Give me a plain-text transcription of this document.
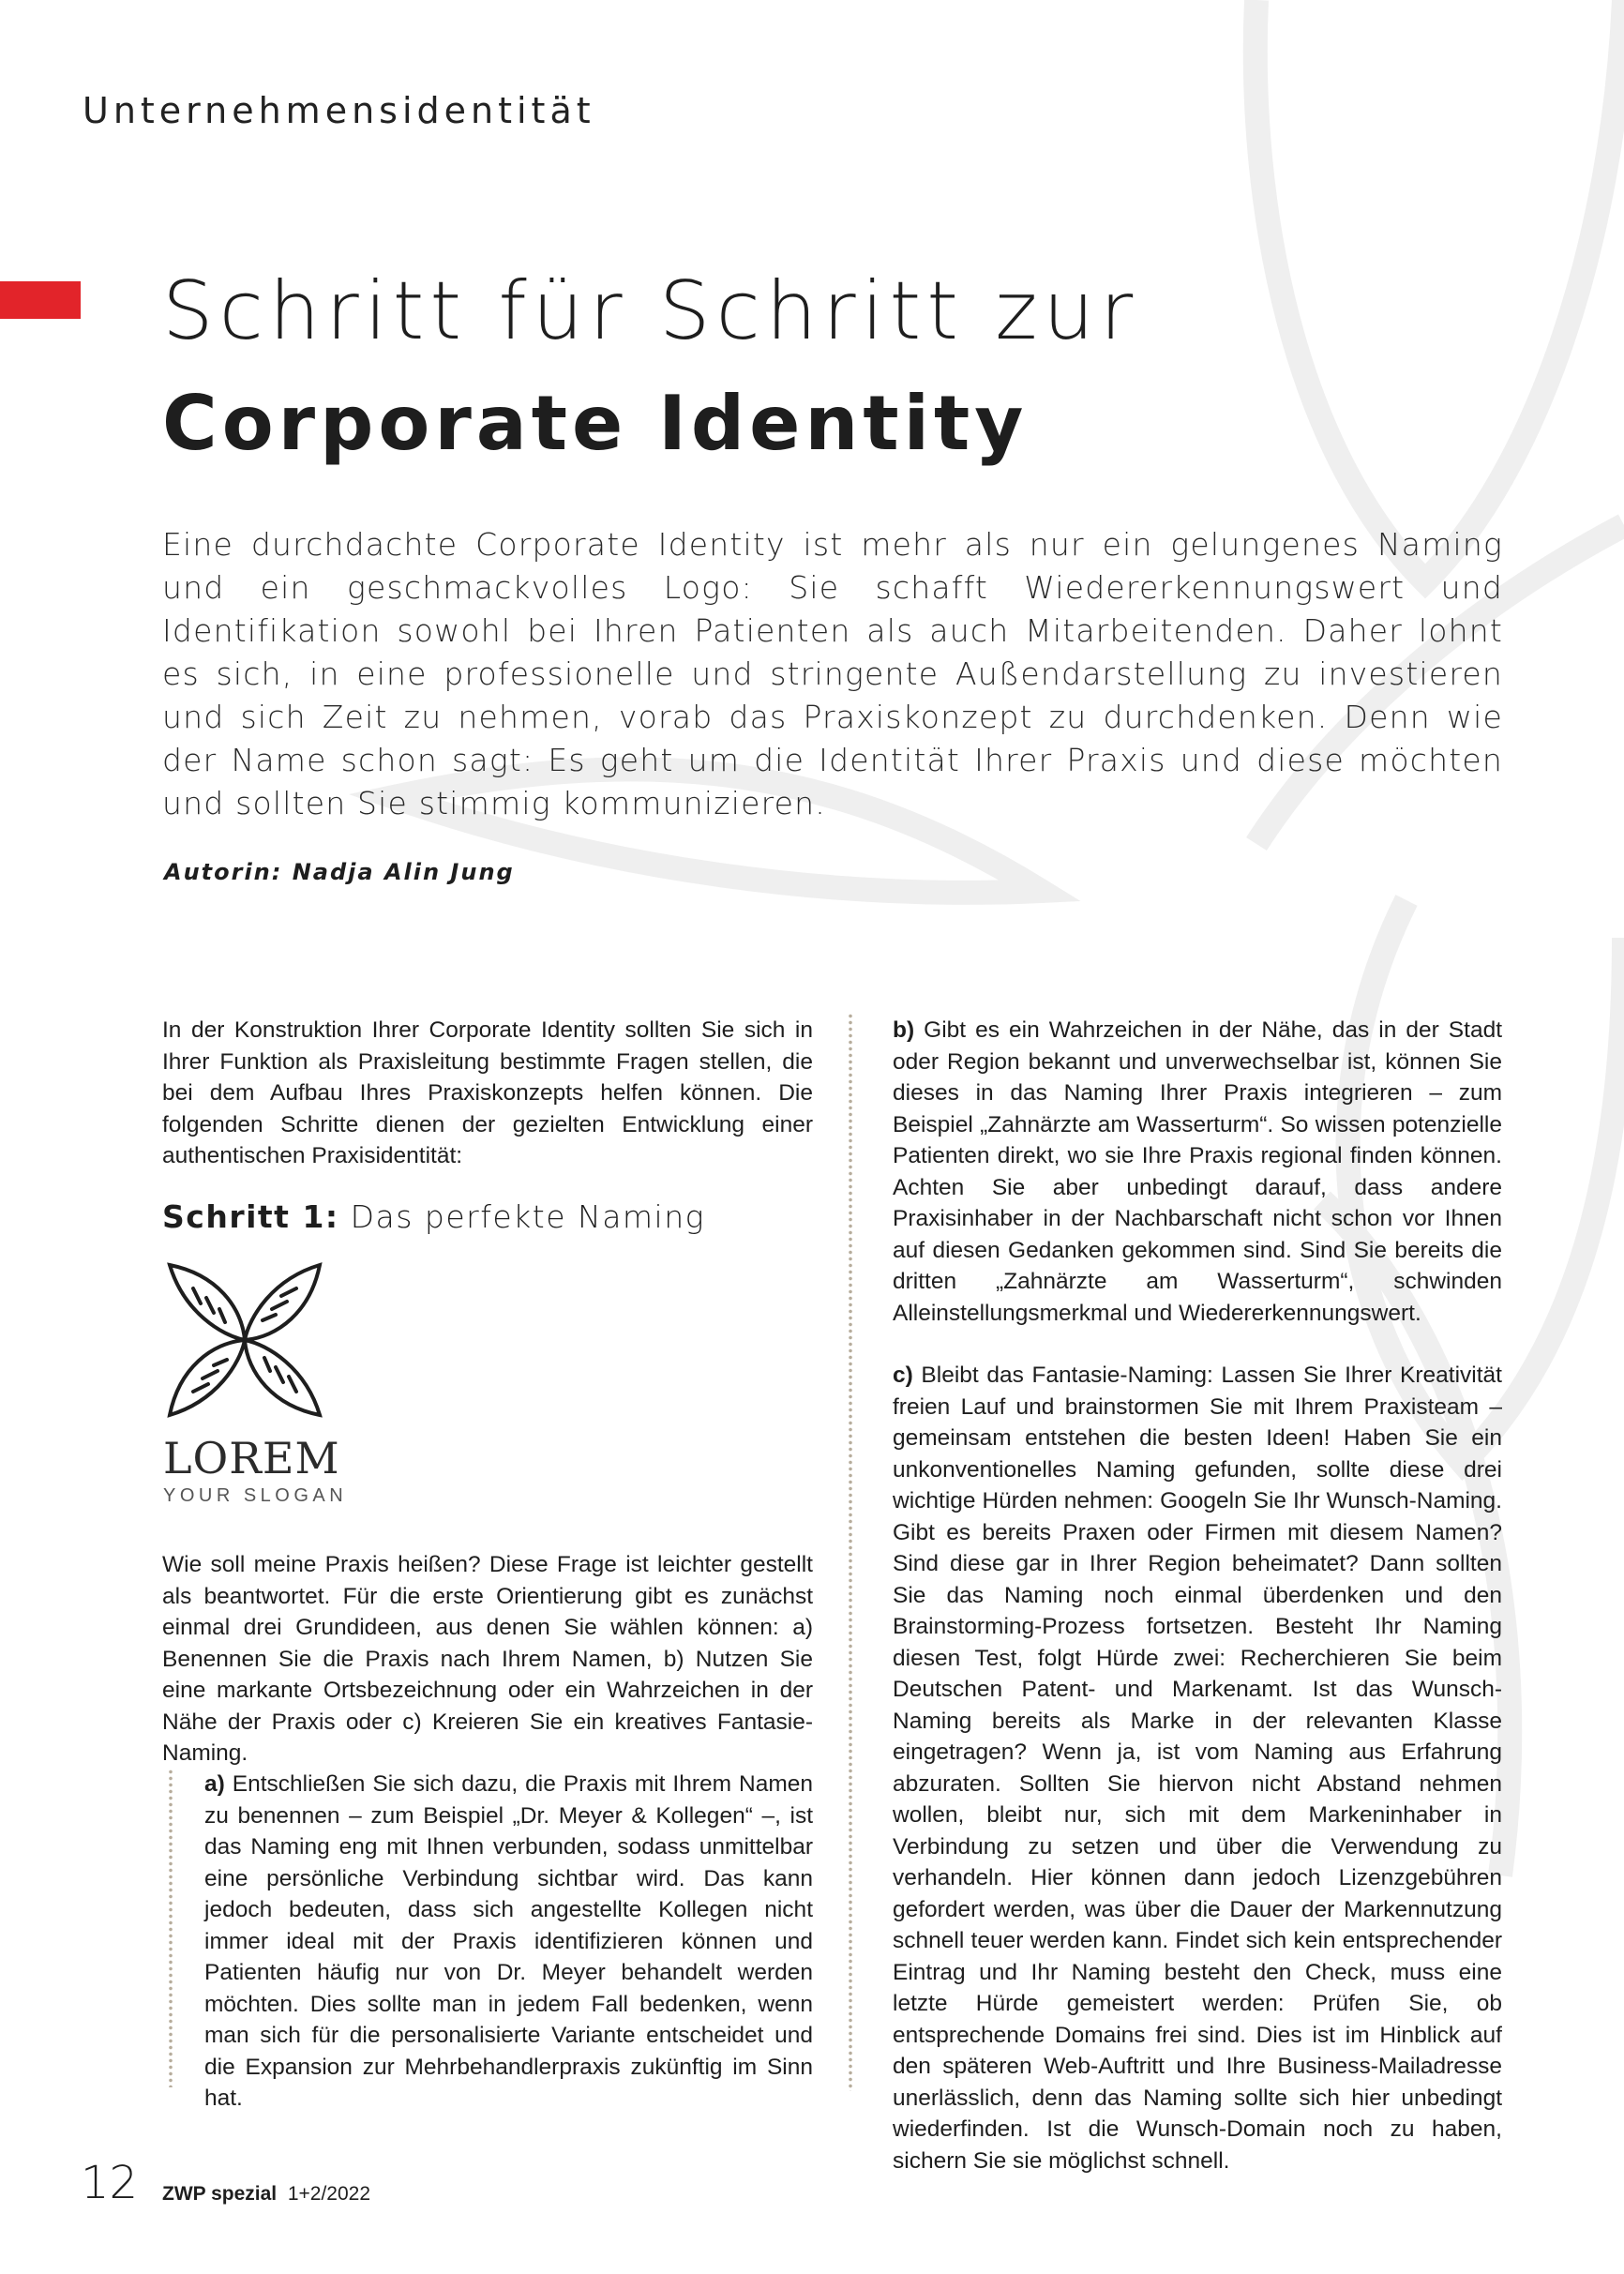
Unternehmensidentität
Schritt für Schritt zur
Corporate Identity

Eine durchdachte Corporate Identity ist mehr als nur ein gelungenes Naming und ein geschmackvolles Logo: Sie schafft Wiedererkennungswert und Identifikation sowohl bei Ihren Patienten als auch Mitarbeitenden. Daher lohnt es sich, in eine professionelle und stringente Außendarstellung zu investieren und sich Zeit zu nehmen, vorab das Praxiskonzept zu durchdenken. Denn wie der Name schon sagt: Es geht um die Identität Ihrer Praxis und diese möchten und sollten Sie stimmig kommunizieren.

Autorin: Nadja Alin Jung

In der Konstruktion Ihrer Corporate Identity sollten Sie sich in Ihrer Funktion als Praxisleitung bestimmte Fragen stellen, die bei dem Aufbau Ihres Praxiskonzepts helfen können. Die folgenden Schritte dienen der gezielten Entwicklung einer authentischen Praxisidentität:

Schritt 1: Das perfekte Naming
LOREM
YOUR SLOGAN

Wie soll meine Praxis heißen? Diese Frage ist leichter gestellt als beantwortet. Für die erste Orientierung gibt es zunächst einmal drei Grundideen, aus denen Sie wählen können: a) Benennen Sie die Praxis nach Ihrem Namen, b) Nutzen Sie eine markante Ortsbezeichnung oder ein Wahrzeichen in der Nähe der Praxis oder c) Kreieren Sie ein kreatives Fantasie-Naming.

a) Entschließen Sie sich dazu, die Praxis mit Ihrem Namen zu benennen – zum Beispiel „Dr. Meyer & Kollegen“ –, ist das Naming eng mit Ihnen verbunden, sodass unmittelbar eine persönliche Verbindung sichtbar wird. Das kann jedoch bedeuten, dass sich angestellte Kollegen nicht immer ideal mit der Praxis identifizieren können und Patienten häufig nur von Dr. Meyer behandelt werden möchten. Dies sollte man in jedem Fall bedenken, wenn man sich für die personalisierte Variante entscheidet und die Expansion zur Mehrbehandlerpraxis zukünftig im Sinn hat.

b) Gibt es ein Wahrzeichen in der Nähe, das in der Stadt oder Region bekannt und unverwechselbar ist, können Sie dieses in das Naming Ihrer Praxis integrieren – zum Beispiel „Zahnärzte am Wasserturm“. So wissen potenzielle Patienten direkt, wo sie Ihre Praxis regional finden können. Achten Sie aber unbedingt darauf, dass andere Praxisinhaber in der Nachbarschaft nicht schon vor Ihnen auf diesen Gedanken gekommen sind. Sind Sie bereits die dritten „Zahnärzte am Wasserturm“, schwinden Alleinstellungsmerkmal und Wiedererkennungswert.

c) Bleibt das Fantasie-Naming: Lassen Sie Ihrer Kreativität freien Lauf und brainstormen Sie mit Ihrem Praxisteam – gemeinsam entstehen die besten Ideen! Haben Sie ein unkonventionelles Naming gefunden, sollte diese drei wichtige Hürden nehmen: Googeln Sie Ihr Wunsch-Naming. Gibt es bereits Praxen oder Firmen mit diesem Namen? Sind diese gar in Ihrer Region beheimatet? Dann sollten Sie das Naming noch einmal überdenken und den Brainstorming-Prozess fortsetzen. Besteht Ihr Naming diesen Test, folgt Hürde zwei: Recherchieren Sie beim Deutschen Patent- und Markenamt. Ist das Wunsch-Naming bereits als Marke in der relevanten Klasse eingetragen? Wenn ja, ist vom Naming aus Erfahrung abzuraten. Sollten Sie hiervon nicht Abstand nehmen wollen, bleibt nur, sich mit dem Markeninhaber in Verbindung zu setzen und über die Verwendung zu verhandeln. Hier können dann jedoch Lizenzgebühren gefordert werden, was über die Dauer der Markennutzung schnell teuer werden kann. Findet sich kein entsprechender Eintrag und Ihr Naming besteht den Check, muss eine letzte Hürde gemeistert werden: Prüfen Sie, ob entsprechende Domains frei sind. Dies ist im Hinblick auf den späteren Web-Auftritt und Ihre Business-Mailadresse unerlässlich, denn das Naming sollte sich hier unbedingt wiederfinden. Ist die Wunsch-Domain noch zu haben, sichern Sie sie möglichst schnell.

12 ZWP spezial 1+2/2022
